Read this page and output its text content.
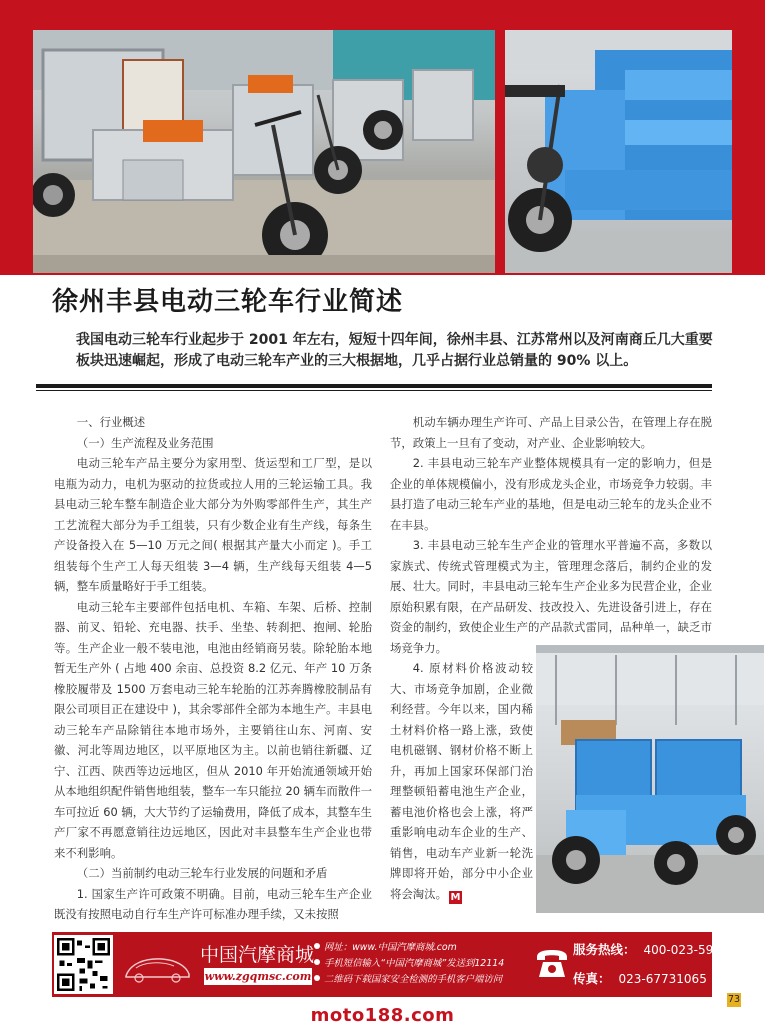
徐州丰县电动三轮车行业简述
我国电动三轮车行业起步于 2001 年左右，短短十四年间，徐州丰县、江苏常州以及河南商丘几大重要板块迅速崛起，形成了电动三轮车产业的三大根据地，几乎占据行业总销量的 90% 以上。

一、行业概述

（一）生产流程及业务范围

电动三轮车产品主要分为家用型、货运型和工厂型，是以电瓶为动力，电机为驱动的拉货或拉人用的三轮运输工具。我县电动三轮车整车制造企业大部分为外购零部件生产，其生产工艺流程大部分为手工组装，只有少数企业有生产线，每条生产设备投入在 5—10 万元之间( 根据其产量大小而定 )。手工组装每个生产工人每天组装 3—4 辆，生产线每天组装 4—5 辆，整车质量略好于手工组装。

电动三轮车主要部件包括电机、车箱、车架、后桥、控制器、前叉、铅轮、充电器、扶手、坐垫、转刹把、抱闸、轮胎等。生产企业一般不装电池，电池由经销商另装。除轮胎本地暂无生产外 ( 占地 400 余亩、总投资 8.2 亿元、年产 10 万条橡胶履带及 1500 万套电动三轮车轮胎的江苏奔腾橡胶制品有限公司项目正在建设中 )，其余零部件全部为本地生产。丰县电动三轮车产品除销往本地市场外，主要销往山东、河南、安徽、河北等周边地区，以平原地区为主。以前也销往新疆、辽宁、江西、陕西等边远地区，但从 2010 年开始流通领域开始从本地组织配件销售地组装，整车一车只能拉 20 辆车而散件一车可拉近 60 辆，大大节约了运输费用，降低了成本，其整车生产厂家不再愿意销往边远地区，因此对丰县整车生产企业也带来不利影响。

（二）当前制约电动三轮车行业发展的问题和矛盾

1. 国家生产许可政策不明确。目前，电动三轮车生产企业既没有按照电动自行车生产许可标准办理手续，又未按照

机动车辆办理生产许可、产品上目录公告，在管理上存在脱节，政策上一旦有了变动，对产业、企业影响较大。

2. 丰县电动三轮车产业整体规模具有一定的影响力，但是企业的单体规模偏小，没有形成龙头企业，市场竞争力较弱。丰县打造了电动三轮车产业的基地，但是电动三轮车的龙头企业不在丰县。

3. 丰县电动三轮车生产企业的管理水平普遍不高，多数以家族式、传统式管理模式为主，管理理念落后，制约企业的发展、壮大。同时，丰县电动三轮车生产企业多为民营企业，企业原始积累有限，在产品研发、技改投入、先进设备引进上，存在资金的制约，致使企业生产的产品款式雷同，品种单一，缺乏市场竞争力。

4. 原材料价格波动较大、市场竞争加剧，企业微利经营。今年以来，国内稀土材料价格一路上涨，致使电机磁钢、钢材价格不断上升，再加上国家环保部门治理整顿铅蓄电池生产企业，蓄电池价格也会上涨，将严重影响电动车企业的生产、销售，电动车产业新一轮洗牌即将开始，部分中小企业将会淘汰。 M

中国汽摩商城
www.zgqmsc.com
网址：www.中国汽摩商城.com
手机短信输入“中国汽摩商城”发送到12114
二维码下载国家安全检测的手机客户端访问
服务热线： 400-023-5959
传真： 023-67731065
73
moto188.com
